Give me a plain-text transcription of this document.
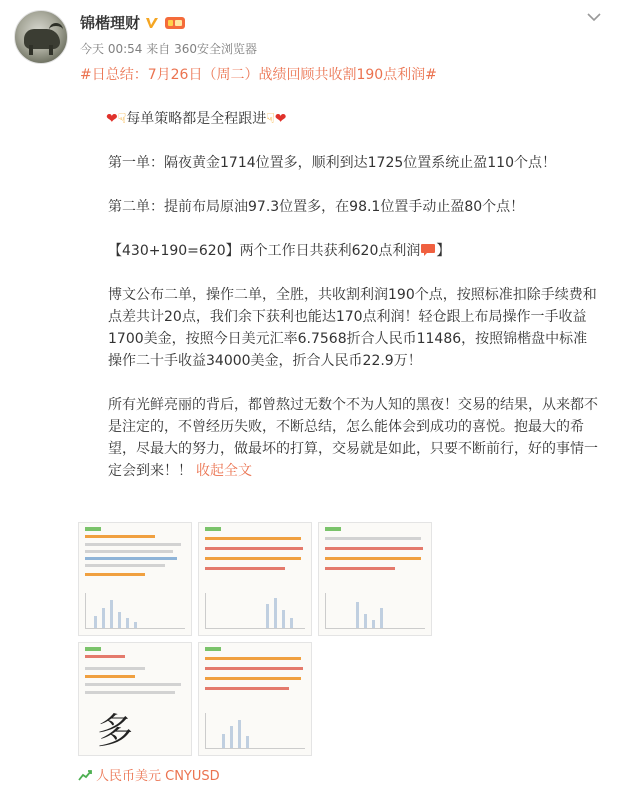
锦楷理财
今天 00:54 来自 360安全浏览器

#日总结：7月26日（周二）战绩回顾共收割190点利润#

❤☟每单策略都是全程跟进☟❤

第一单：隔夜黄金1714位置多，顺利到达1725位置系统止盈110个点！

第二单：提前布局原油97.3位置多，在98.1位置手动止盈80个点！

【430+190=620】两个工作日共获利620点利润 】

博文公布二单，操作二单，全胜，共收割利润190个点，按照标准扣除手续费和点差共计20点，我们余下获利也能达170点利润！轻仓跟上布局操作一手收益1700美金，按照今日美元汇率6.7568折合人民币11486，按照锦楷盘中标准操作二十手收益34000美金，折合人民币22.9万！

所有光鲜亮丽的背后，都曾熬过无数个不为人知的黑夜！交易的结果，从来都不是注定的，不曾经历失败，不断总结，怎么能体会到成功的喜悦。抱最大的希望，尽最大的努力，做最坏的打算，交易就是如此，只要不断前行，好的事情一定会到来！！ 收起全文

多
人民币美元 CNYUSD
